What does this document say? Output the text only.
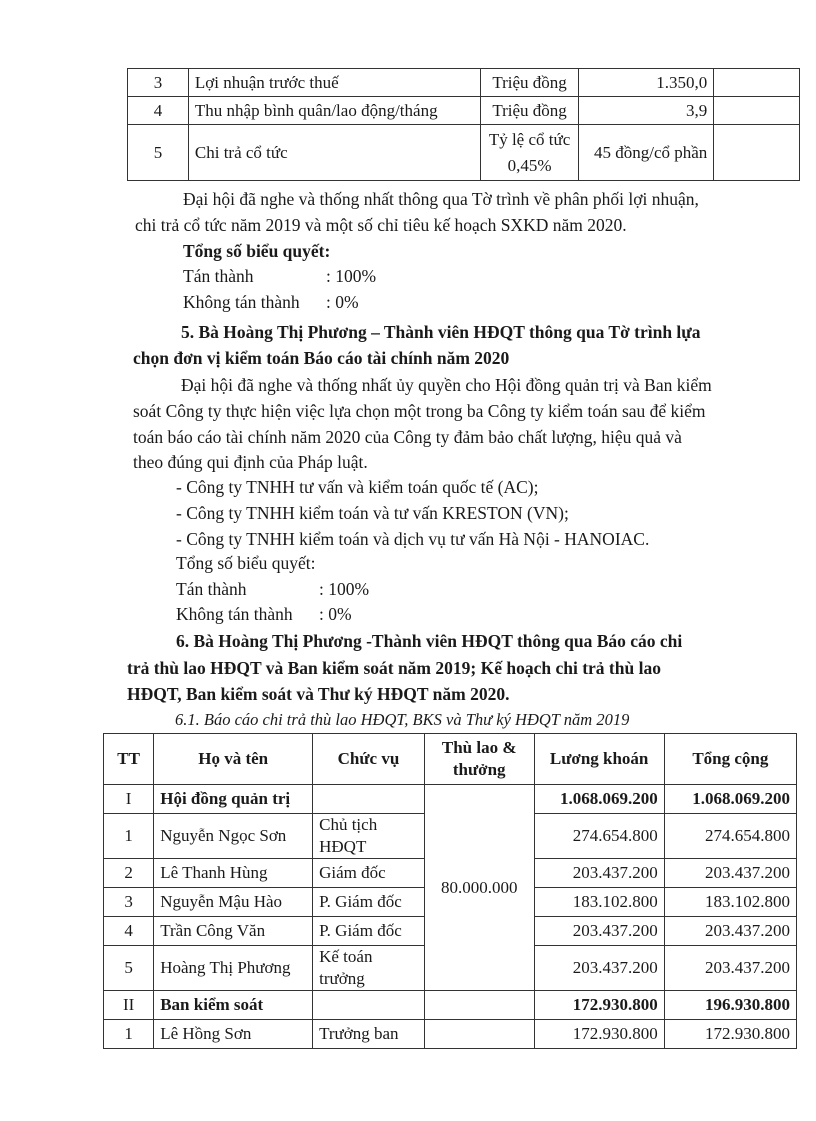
3	Lợi nhuận trước thuế	Triệu đồng	1.350,0	
4	Thu nhập bình quân/lao động/tháng	Triệu đồng	3,9	
5	Chi trả cổ tức	Tỷ lệ cổ tức 0,45%	45 đồng/cổ phần	
Đại hội đã nghe và thống nhất thông qua Tờ trình về phân phối lợi nhuận,
chi trả cổ tức năm 2019 và một số chỉ tiêu kế hoạch SXKD năm 2020.
Tổng số biểu quyết:
Tán thành	: 100%
Không tán thành : 0%
5. Bà Hoàng Thị Phương – Thành viên HĐQT thông qua Tờ trình lựa
chọn đơn vị kiểm toán Báo cáo tài chính năm 2020
Đại hội đã nghe và thống nhất ủy quyền cho Hội đồng quản trị và Ban kiểm
soát Công ty thực hiện việc lựa chọn một trong ba Công ty kiểm toán sau để kiểm
toán báo cáo tài chính năm 2020 của Công ty đảm bảo chất lượng, hiệu quả và
theo đúng qui định của Pháp luật.
- Công ty TNHH tư vấn và kiểm toán quốc tế (AC);
- Công ty TNHH kiểm toán và tư vấn KRESTON (VN);
- Công ty TNHH kiểm toán và dịch vụ tư vấn Hà Nội - HANOIAC.
Tổng số biểu quyết:
Tán thành	: 100%
Không tán thành : 0%
6. Bà Hoàng Thị Phương -Thành viên HĐQT thông qua Báo cáo chi
trả thù lao HĐQT và Ban kiểm soát năm 2019; Kế hoạch chi trả thù lao
HĐQT, Ban kiểm soát và Thư ký HĐQT năm 2020.
6.1. Báo cáo chi trả thù lao HĐQT, BKS và Thư ký HĐQT năm 2019
TT	Họ và tên	Chức vụ	Thù lao & thưởng	Lương khoán	Tổng cộng
I	Hội đồng quản trị		80.000.000	1.068.069.200	1.068.069.200
1	Nguyễn Ngọc Sơn	Chủ tịch HĐQT		274.654.800	274.654.800
2	Lê Thanh Hùng	Giám đốc		203.437.200	203.437.200
3	Nguyễn Mậu Hào	P. Giám đốc		183.102.800	183.102.800
4	Trần Công Văn	P. Giám đốc		203.437.200	203.437.200
5	Hoàng Thị Phương	Kế toán trưởng		203.437.200	203.437.200
II	Ban kiểm soát			172.930.800	196.930.800
1	Lê Hồng Sơn	Trưởng ban		172.930.800	172.930.800
